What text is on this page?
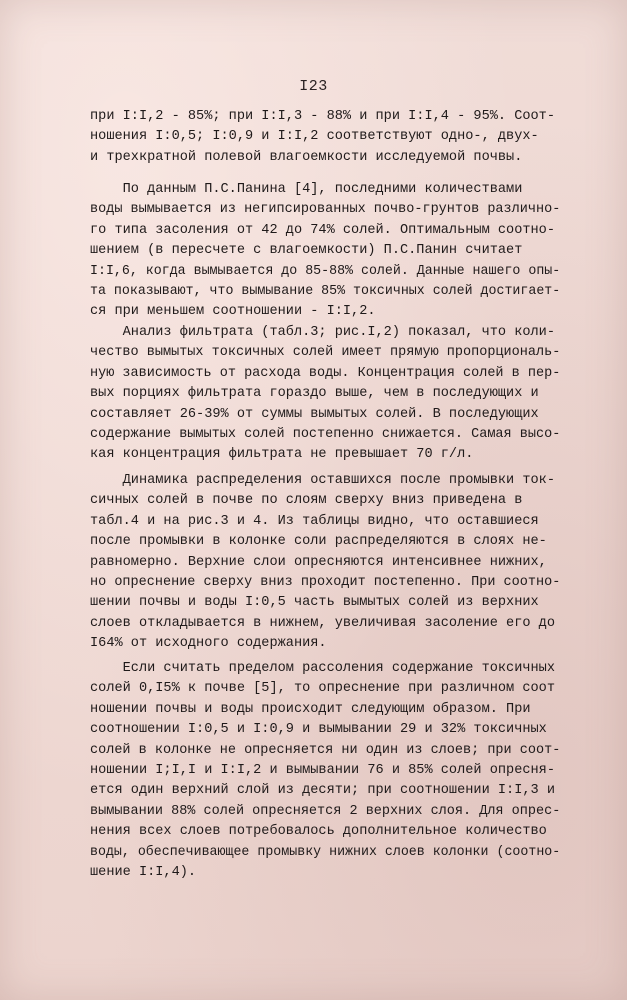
I23
при I:I,2 - 85%; при I:I,3 - 88% и при I:I,4 - 95%. Соот-
ношения I:0,5; I:0,9 и I:I,2 соответствуют одно-, двух-
и трехкратной полевой влагоемкости исследуемой почвы.
По данным П.С.Панина [4], последними количествами
воды вымывается из негипсированных почво-грунтов различно-
го типа засоления от 42 до 74% солей. Оптимальным соотно-
шением (в пересчете с влагоемкости) П.С.Панин считает
I:I,6, когда вымывается до 85-88% солей. Данные нашего опы-
та показывают, что вымывание 85% токсичных солей достигает-
ся при меньшем соотношении - I:I,2.
Анализ фильтрата (табл.3; рис.I,2) показал, что коли-
чество вымытых токсичных солей имеет прямую пропорциональ-
ную зависимость от расхода воды. Концентрация солей в пер-
вых порциях фильтрата гораздо выше, чем в последующих и
составляет 26-39% от суммы вымытых солей. В последующих
содержание вымытых солей постепенно снижается. Самая высо-
кая концентрация фильтрата не превышает 70 г/л.
Динамика распределения оставшихся после промывки ток-
сичных солей в почве по слоям сверху вниз приведена в
табл.4 и на рис.3 и 4. Из таблицы видно, что оставшиеся
после промывки в колонке соли распределяются в слоях не-
равномерно. Верхние слои опресняются интенсивнее нижних,
но опреснение сверху вниз проходит постепенно. При соотно-
шении почвы и воды I:0,5 часть вымытых солей из верхних
слоев откладывается в нижнем, увеличивая засоление его до
I64% от исходного содержания.
Если считать пределом рассоления содержание токсичных
солей 0,I5% к почве [5], то опреснение при различном соот
ношении почвы и воды происходит следующим образом. При
соотношении I:0,5 и I:0,9 и вымывании 29 и 32% токсичных
солей в колонке не опресняется ни один из слоев; при соот-
ношении I;I,I и I:I,2 и вымывании 76 и 85% солей опресня-
ется один верхний слой из десяти; при соотношении I:I,3 и
вымывании 88% солей опресняется 2 верхних слоя. Для опрес-
нения всех слоев потребовалось дополнительное количество
воды, обеспечивающее промывку нижних слоев колонки (соотно-
шение I:I,4).
